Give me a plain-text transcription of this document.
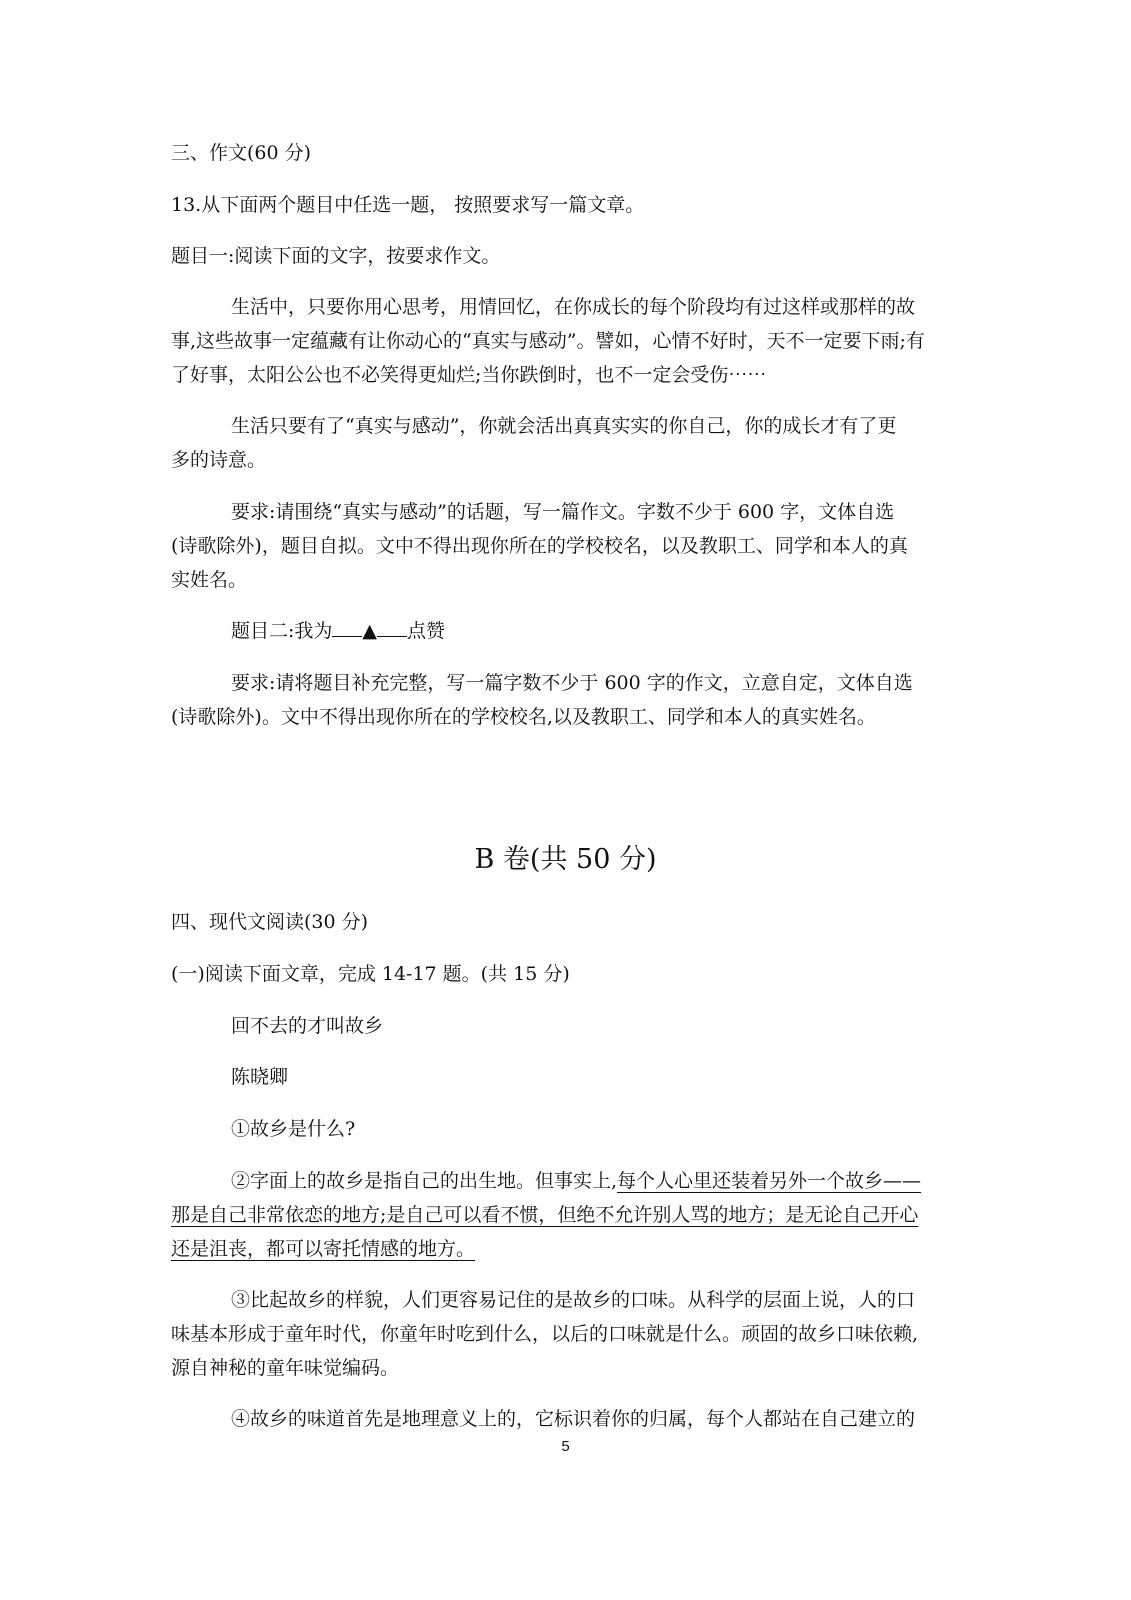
三、作文(60 分)
13.从下面两个题目中任选一题， 按照要求写一篇文章。
题目一:阅读下面的文字，按要求作文。
生活中，只要你用心思考，用情回忆，在你成长的每个阶段均有过这样或那样的故
事,这些故事一定蕴藏有让你动心的“真实与感动”。譬如，心情不好时，天不一定要下雨;有
了好事，太阳公公也不必笑得更灿烂;当你跌倒时，也不一定会受伤⋯⋯
生活只要有了“真实与感动”，你就会活出真真实实的你自己，你的成长才有了更
多的诗意。
要求:请围绕“真实与感动”的话题，写一篇作文。字数不少于 600 字，文体自选
(诗歌除外)，题目自拟。文中不得出现你所在的学校校名，以及教职工、同学和本人的真
实姓名。
题目二:我为 ▲ 点赞
要求:请将题目补充完整，写一篇字数不少于 600 字的作文，立意自定，文体自选
(诗歌除外)。文中不得出现你所在的学校校名,以及教职工、同学和本人的真实姓名。
B 卷(共 50 分)
四、现代文阅读(30 分)
(一)阅读下面文章，完成 14-17 题。(共 15 分)
回不去的才叫故乡
陈晓卿
①故乡是什么?
②字面上的故乡是指自己的出生地。但事实上,每个人心里还装着另外一个故乡——
那是自己非常依恋的地方;是自己可以看不惯，但绝不允许别人骂的地方；是无论自己开心
还是沮丧，都可以寄托情感的地方。
③比起故乡的样貌，人们更容易记住的是故乡的口味。从科学的层面上说，人的口
味基本形成于童年时代，你童年时吃到什么，以后的口味就是什么。顽固的故乡口味依赖,
源自神秘的童年味觉编码。
④故乡的味道首先是地理意义上的，它标识着你的归属，每个人都站在自己建立的
5
